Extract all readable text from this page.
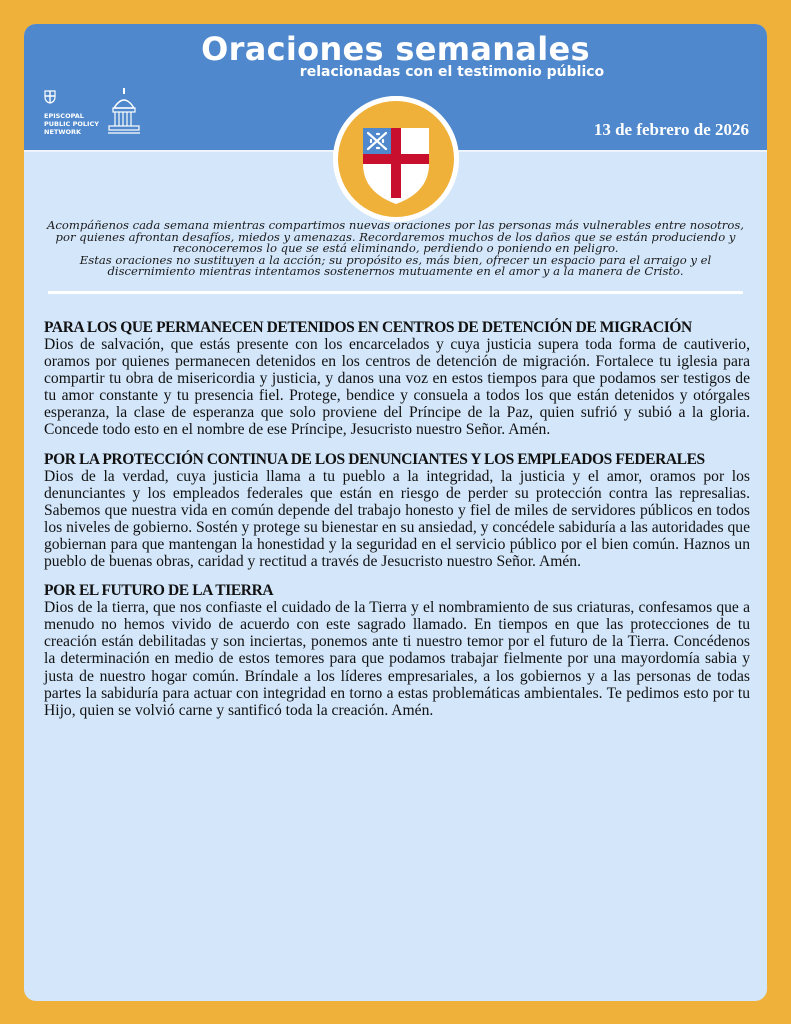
Oraciones semanales
relacionadas con el testimonio público
EPISCOPAL
PUBLIC POLICY
NETWORK	13 de febrero de 2026

Acompáñenos cada semana mientras compartimos nuevas oraciones por las personas más vulnerables entre nosotros, por quienes afrontan desafíos, miedos y amenazas. Recordaremos muchos de los daños que se están produciendo y reconoceremos lo que se está eliminando, perdiendo o poniendo en peligro.

Estas oraciones no sustituyen a la acción; su propósito es, más bien, ofrecer un espacio para el arraigo y el discernimiento mientras intentamos sostenernos mutuamente en el amor y a la manera de Cristo.

PARA LOS QUE PERMANECEN DETENIDOS EN CENTROS DE DETENCIÓN DE MIGRACIÓN

Dios de salvación, que estás presente con los encarcelados y cuya justicia supera toda forma de cautiverio, oramos por quienes permanecen detenidos en los centros de detención de migración. Fortalece tu iglesia para compartir tu obra de misericordia y justicia, y danos una voz en estos tiempos para que podamos ser testigos de tu amor constante y tu presencia fiel. Protege, bendice y consuela a todos los que están detenidos y otórgales esperanza, la clase de esperanza que solo proviene del Príncipe de la Paz, quien sufrió y subió a la gloria. Concede todo esto en el nombre de ese Príncipe, Jesucristo nuestro Señor. Amén.

POR LA PROTECCIÓN CONTINUA DE LOS DENUNCIANTES Y LOS EMPLEADOS FEDERALES

Dios de la verdad, cuya justicia llama a tu pueblo a la integridad, la justicia y el amor, oramos por los denunciantes y los empleados federales que están en riesgo de perder su protección contra las represalias. Sabemos que nuestra vida en común depende del trabajo honesto y fiel de miles de servidores públicos en todos los niveles de gobierno. Sostén y protege su bienestar en su ansiedad, y concédele sabiduría a las autoridades que gobiernan para que mantengan la honestidad y la seguridad en el servicio público por el bien común. Haznos un pueblo de buenas obras, caridad y rectitud a través de Jesucristo nuestro Señor. Amén.

POR EL FUTURO DE LA TIERRA

Dios de la tierra, que nos confiaste el cuidado de la Tierra y el nombramiento de sus criaturas, confesamos que a menudo no hemos vivido de acuerdo con este sagrado llamado. En tiempos en que las protecciones de tu creación están debilitadas y son inciertas, ponemos ante ti nuestro temor por el futuro de la Tierra. Concédenos la determinación en medio de estos temores para que podamos trabajar fielmente por una mayordomía sabia y justa de nuestro hogar común. Bríndale a los líderes empresariales, a los gobiernos y a las personas de todas partes la sabiduría para actuar con integridad en torno a estas problemáticas ambientales. Te pedimos esto por tu Hijo, quien se volvió carne y santificó toda la creación. Amén.
